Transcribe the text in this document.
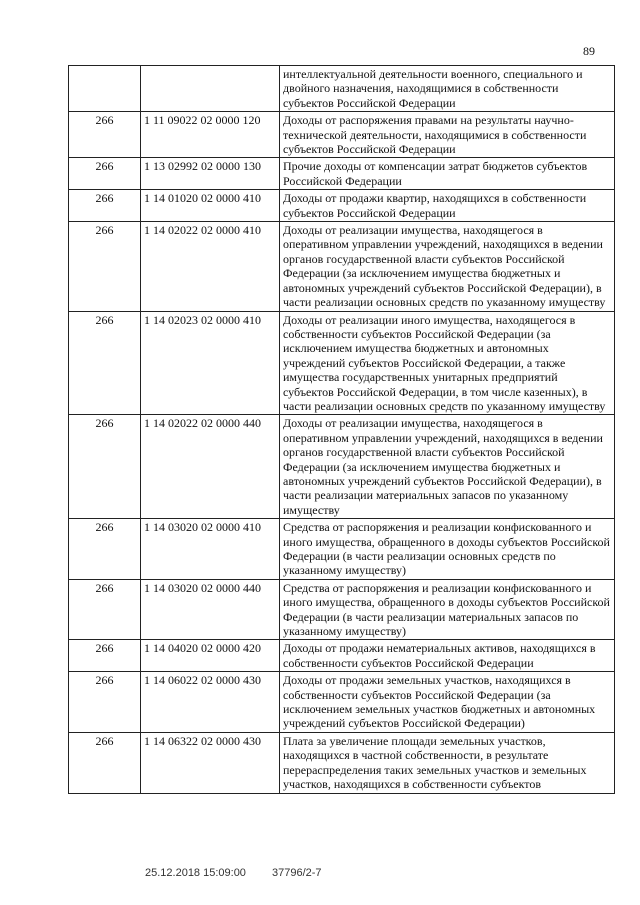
89
		интеллектуальной деятельности военного, специального и двойного назначения, находящимися в собственности субъектов Российской Федерации
266	1 11 09022 02 0000 120	Доходы от распоряжения правами на результаты научно-технической деятельности, находящимися в собственности субъектов Российской Федерации
266	1 13 02992 02 0000 130	Прочие доходы от компенсации затрат бюджетов субъектов Российской Федерации
266	1 14 01020 02 0000 410	Доходы от продажи квартир, находящихся в собственности субъектов Российской Федерации
266	1 14 02022 02 0000 410	Доходы от реализации имущества, находящегося в оперативном управлении учреждений, находящихся в ведении органов государственной власти субъектов Российской Федерации (за исключением имущества бюджетных и автономных учреждений субъектов Российской Федерации), в части реализации основных средств по указанному имуществу
266	1 14 02023 02 0000 410	Доходы от реализации иного имущества, находящегося в собственности субъектов Российской Федерации (за исключением имущества бюджетных и автономных учреждений субъектов Российской Федерации, а также имущества государственных унитарных предприятий субъектов Российской Федерации, в том числе казенных), в части реализации основных средств по указанному имуществу
266	1 14 02022 02 0000 440	Доходы от реализации имущества, находящегося в оперативном управлении учреждений, находящихся в ведении органов государственной власти субъектов Российской Федерации (за исключением имущества бюджетных и автономных учреждений субъектов Российской Федерации), в части реализации материальных запасов по указанному имуществу
266	1 14 03020 02 0000 410	Средства от распоряжения и реализации конфискованного и иного имущества, обращенного в доходы субъектов Российской Федерации (в части реализации основных средств по указанному имуществу)
266	1 14 03020 02 0000 440	Средства от распоряжения и реализации конфискованного и иного имущества, обращенного в доходы субъектов Российской Федерации (в части реализации материальных запасов по указанному имуществу)
266	1 14 04020 02 0000 420	Доходы от продажи нематериальных активов, находящихся в собственности субъектов Российской Федерации
266	1 14 06022 02 0000 430	Доходы от продажи земельных участков, находящихся в собственности субъектов Российской Федерации (за исключением земельных участков бюджетных и автономных учреждений субъектов Российской Федерации)
266	1 14 06322 02 0000 430	Плата за увеличение площади земельных участков, находящихся в частной собственности, в результате перераспределения таких земельных участков и земельных участков, находящихся в собственности субъектов
25.12.2018 15:09:00 37796/2-7
